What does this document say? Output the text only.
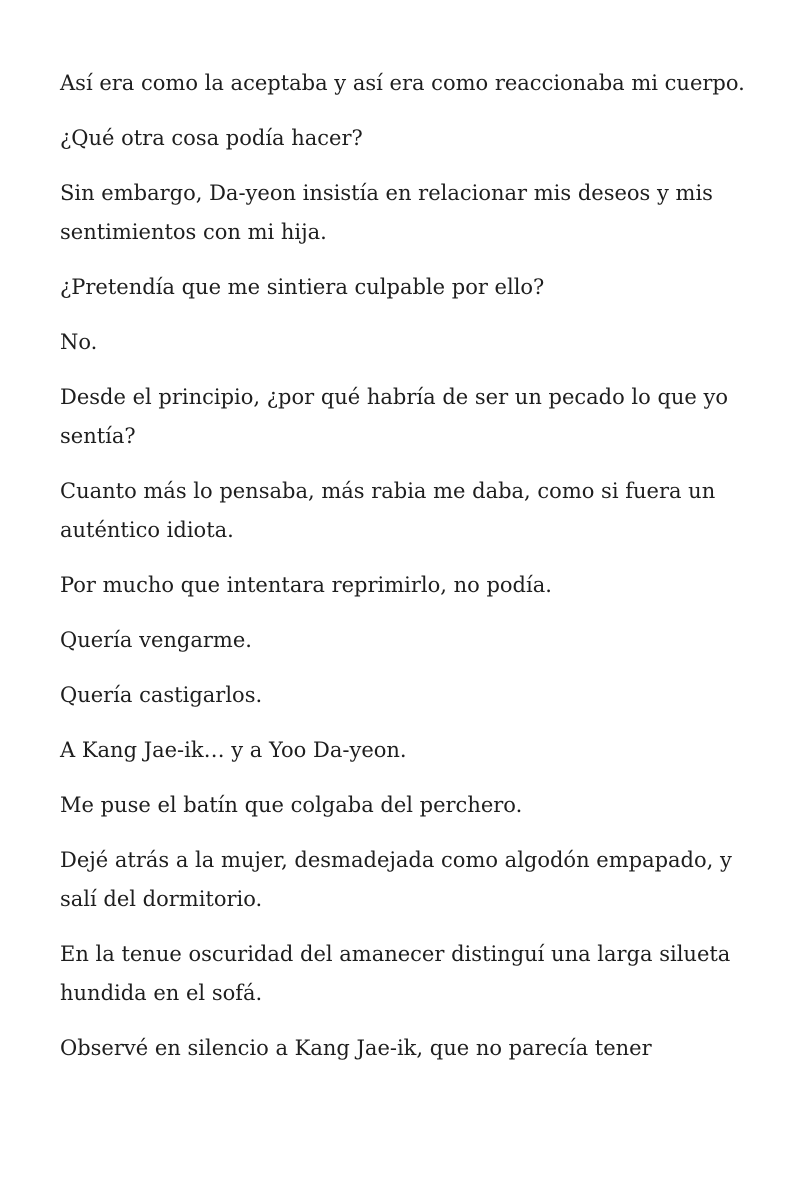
Así era como la aceptaba y así era como reaccionaba mi cuerpo.

¿Qué otra cosa podía hacer?

Sin embargo, Da-yeon insistía en relacionar mis deseos y mis sentimientos con mi hija.

¿Pretendía que me sintiera culpable por ello?

No.

Desde el principio, ¿por qué habría de ser un pecado lo que yo sentía?

Cuanto más lo pensaba, más rabia me daba, como si fuera un auténtico idiota.

Por mucho que intentara reprimirlo, no podía.

Quería vengarme.

Quería castigarlos.

A Kang Jae-ik… y a Yoo Da-yeon.

Me puse el batín que colgaba del perchero.

Dejé atrás a la mujer, desmadejada como algodón empapado, y salí del dormitorio.

En la tenue oscuridad del amanecer distinguí una larga silueta hundida en el sofá.

Observé en silencio a Kang Jae-ik, que no parecía tener
